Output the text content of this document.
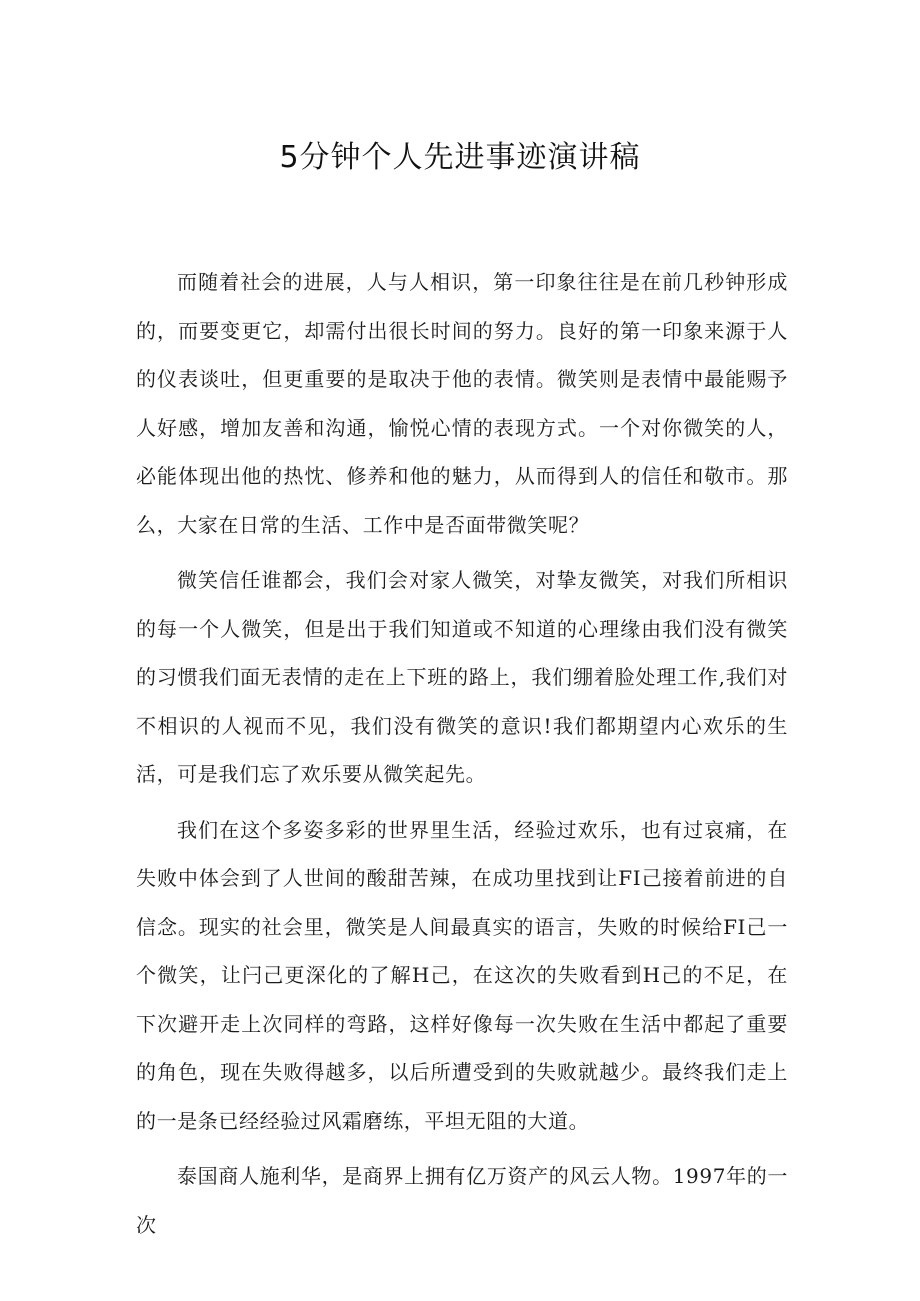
5分钟个人先进事迹演讲稿

而随着社会的进展，人与人相识，第一印象往往是在前几秒钟形成的，而要变更它，却需付出很长时间的努力。良好的第一印象来源于人的仪表谈吐，但更重要的是取决于他的表情。微笑则是表情中最能赐予人好感，增加友善和沟通，愉悦心情的表现方式。一个对你微笑的人，必能体现出他的热忱、修养和他的魅力，从而得到人的信任和敬市。那么，大家在日常的生活、工作中是否面带微笑呢？

微笑信任谁都会，我们会对家人微笑，对挚友微笑，对我们所相识的每一个人微笑，但是出于我们知道或不知道的心理缘由我们没有微笑的习惯我们面无表情的走在上下班的路上，我们绷着脸处理工作,我们对不相识的人视而不见，我们没有微笑的意识!我们都期望内心欢乐的生活，可是我们忘了欢乐要从微笑起先。

我们在这个多姿多彩的世界里生活，经验过欢乐，也有过哀痛，在失败中体会到了人世间的酸甜苦辣，在成功里找到让FI己接着前进的自信念。现实的社会里，微笑是人间最真实的语言，失败的时候给FI己一个微笑，让闩己更深化的了解H己，在这次的失败看到H己的不足，在下次避开走上次同样的弯路，这样好像每一次失败在生活中都起了重要的角色，现在失败得越多，以后所遭受到的失败就越少。最终我们走上的一是条已经经验过风霜磨练，平坦无阻的大道。

泰国商人施利华，是商界上拥有亿万资产的风云人物。1997年的一次
